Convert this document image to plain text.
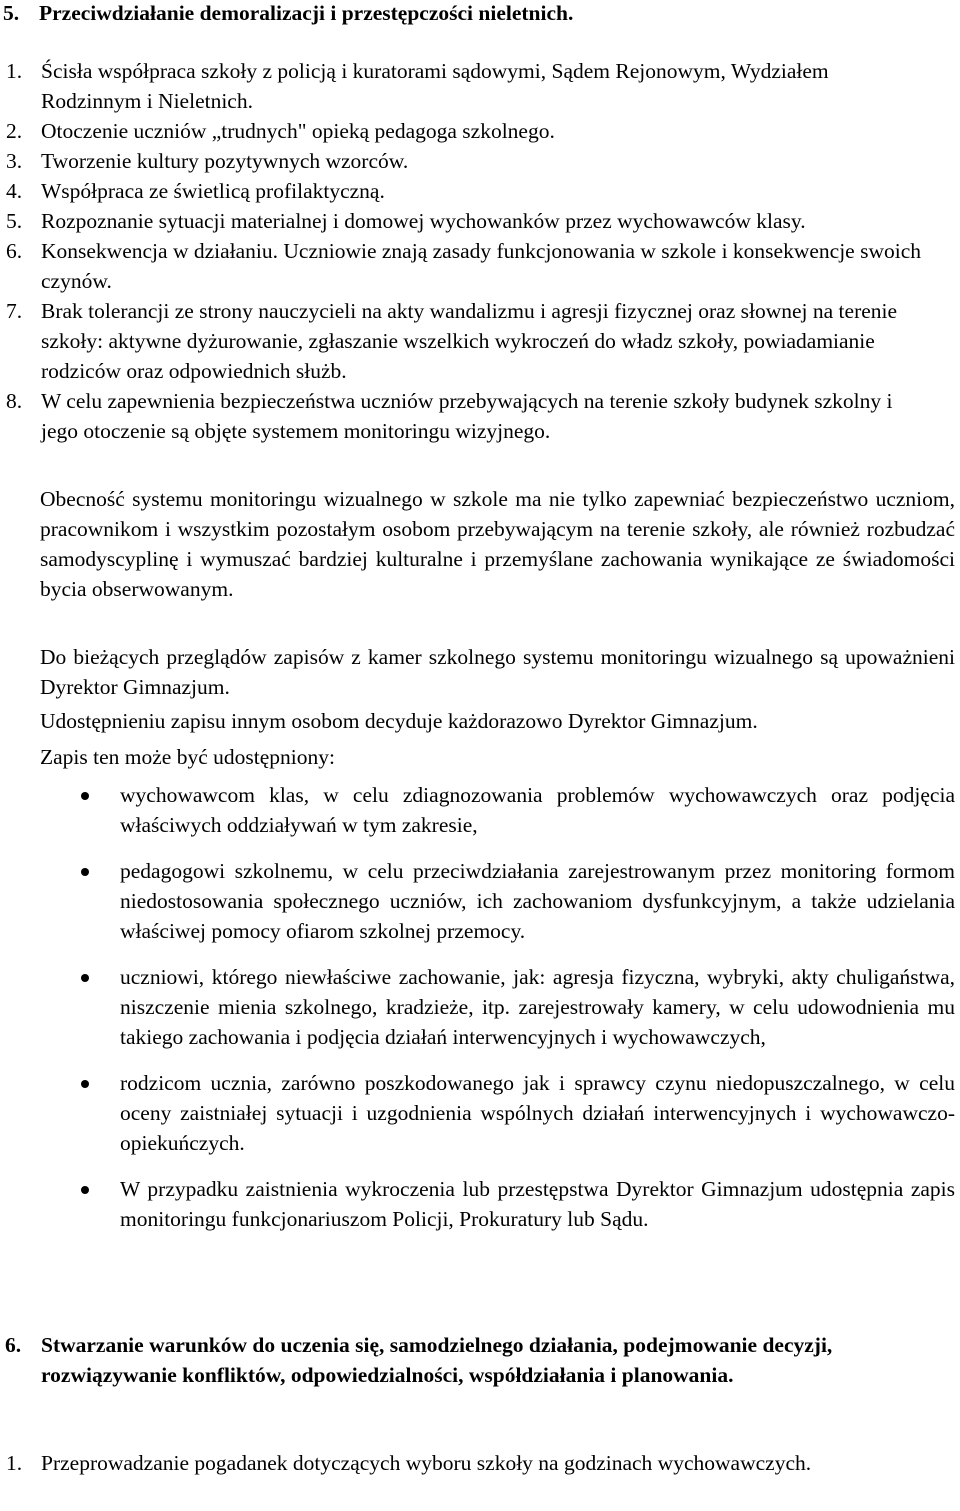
5. Przeciwdziałanie demoralizacji i przestępczości nieletnich.
1. Ścisła współpraca szkoły z policją i kuratorami sądowymi, Sądem Rejonowym, Wydziałem Rodzinnym i Nieletnich.
2. Otoczenie uczniów „trudnych" opieką pedagoga szkolnego.
3. Tworzenie kultury pozytywnych wzorców.
4. Współpraca ze świetlicą profilaktyczną.
5. Rozpoznanie sytuacji materialnej i domowej wychowanków przez wychowawców klasy.
6. Konsekwencja w działaniu. Uczniowie znają zasady funkcjonowania w szkole i konsekwencje swoich czynów.
7. Brak tolerancji ze strony nauczycieli na akty wandalizmu i agresji fizycznej oraz słownej na terenie szkoły: aktywne dyżurowanie, zgłaszanie wszelkich wykroczeń do władz szkoły, powiadamianie rodziców oraz odpowiednich służb.
8. W celu zapewnienia bezpieczeństwa uczniów przebywających na terenie szkoły budynek szkolny i jego otoczenie są objęte systemem monitoringu wizyjnego.

Obecność systemu monitoringu wizualnego w szkole ma nie tylko zapewniać bezpieczeństwo uczniom, pracownikom i wszystkim pozostałym osobom przebywającym na terenie szkoły, ale również rozbudzać samodyscyplinę i wymuszać bardziej kulturalne i przemyślane zachowania wynikające ze świadomości bycia obserwowanym.

Do bieżących przeglądów zapisów z kamer szkolnego systemu monitoringu wizualnego są upoważnieni Dyrektor Gimnazjum.

Udostępnieniu zapisu innym osobom decyduje każdorazowo Dyrektor Gimnazjum.

Zapis ten może być udostępniony:

wychowawcom klas, w celu zdiagnozowania problemów wychowawczych oraz podjęcia właściwych oddziaływań w tym zakresie,
pedagogowi szkolnemu, w celu przeciwdziałania zarejestrowanym przez monitoring formom niedostosowania społecznego uczniów, ich zachowaniom dysfunkcyjnym, a także udzielania właściwej pomocy ofiarom szkolnej przemocy.
uczniowi, którego niewłaściwe zachowanie, jak: agresja fizyczna, wybryki, akty chuligaństwa, niszczenie mienia szkolnego, kradzieże, itp. zarejestrowały kamery, w celu udowodnienia mu takiego zachowania i podjęcia działań interwencyjnych i wychowawczych,
rodzicom ucznia, zarówno poszkodowanego jak i sprawcy czynu niedopuszczalnego, w celu oceny zaistniałej sytuacji i uzgodnienia wspólnych działań interwencyjnych i wychowawczo-opiekuńczych.
W przypadku zaistnienia wykroczenia lub przestępstwa Dyrektor Gimnazjum udostępnia zapis monitoringu funkcjonariuszom Policji, Prokuratury lub Sądu.
6. Stwarzanie warunków do uczenia się, samodzielnego działania, podejmowanie decyzji, rozwiązywanie konfliktów, odpowiedzialności, współdziałania i planowania.
1. Przeprowadzanie pogadanek dotyczących wyboru szkoły na godzinach wychowawczych.
